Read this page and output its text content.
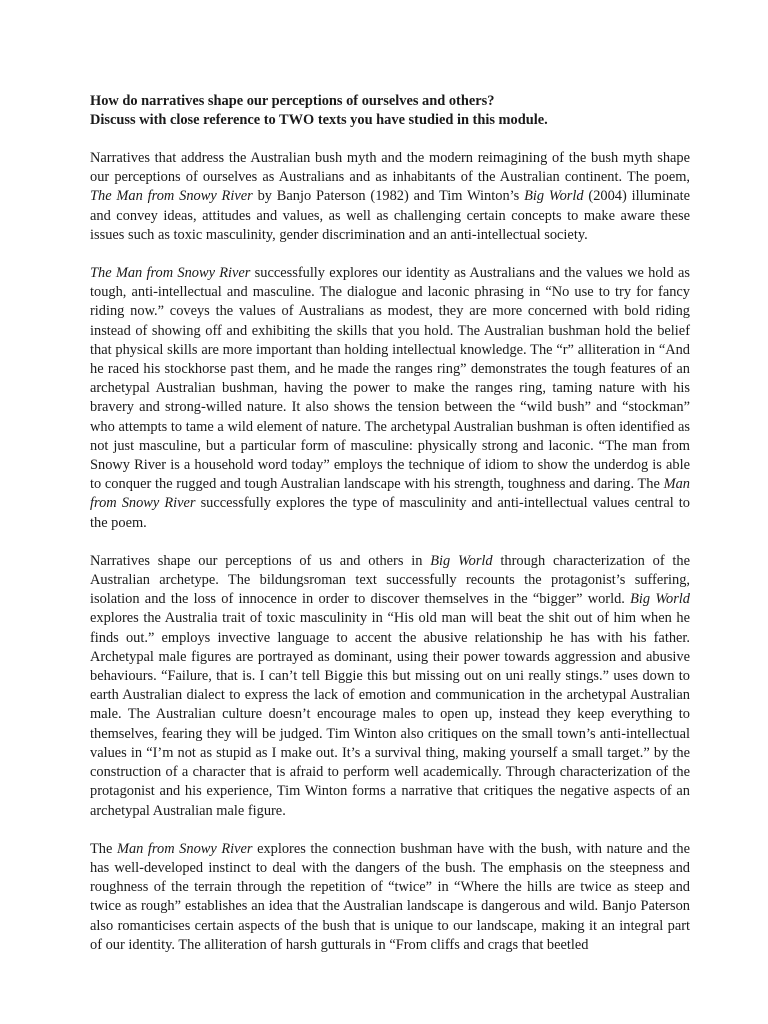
How do narratives shape our perceptions of ourselves and others?

Discuss with close reference to TWO texts you have studied in this module.

Narratives that address the Australian bush myth and the modern reimagining of the bush myth shape our perceptions of ourselves as Australians and as inhabitants of the Australian continent. The poem, The Man from Snowy River by Banjo Paterson (1982) and Tim Winton’s Big World (2004) illuminate and convey ideas, attitudes and values, as well as challenging certain concepts to make aware these issues such as toxic masculinity, gender discrimination and an anti-intellectual society.

The Man from Snowy River successfully explores our identity as Australians and the values we hold as tough, anti-intellectual and masculine. The dialogue and laconic phrasing in “No use to try for fancy riding now.” coveys the values of Australians as modest, they are more concerned with bold riding instead of showing off and exhibiting the skills that you hold. The Australian bushman hold the belief that physical skills are more important than holding intellectual knowledge. The “r” alliteration in “And he raced his stockhorse past them, and he made the ranges ring” demonstrates the tough features of an archetypal Australian bushman, having the power to make the ranges ring, taming nature with his bravery and strong-willed nature. It also shows the tension between the “wild bush” and “stockman” who attempts to tame a wild element of nature. The archetypal Australian bushman is often identified as not just masculine, but a particular form of masculine: physically strong and laconic. “The man from Snowy River is a household word today” employs the technique of idiom to show the underdog is able to conquer the rugged and tough Australian landscape with his strength, toughness and daring. The Man from Snowy River successfully explores the type of masculinity and anti-intellectual values central to the poem.

Narratives shape our perceptions of us and others in Big World through characterization of the Australian archetype. The bildungsroman text successfully recounts the protagonist’s suffering, isolation and the loss of innocence in order to discover themselves in the “bigger” world. Big World explores the Australia trait of toxic masculinity in “His old man will beat the shit out of him when he finds out.” employs invective language to accent the abusive relationship he has with his father. Archetypal male figures are portrayed as dominant, using their power towards aggression and abusive behaviours. “Failure, that is. I can’t tell Biggie this but missing out on uni really stings.” uses down to earth Australian dialect to express the lack of emotion and communication in the archetypal Australian male. The Australian culture doesn’t encourage males to open up, instead they keep everything to themselves, fearing they will be judged. Tim Winton also critiques on the small town’s anti-intellectual values in “I’m not as stupid as I make out. It’s a survival thing, making yourself a small target.” by the construction of a character that is afraid to perform well academically. Through characterization of the protagonist and his experience, Tim Winton forms a narrative that critiques the negative aspects of an archetypal Australian male figure.

The Man from Snowy River explores the connection bushman have with the bush, with nature and the has well-developed instinct to deal with the dangers of the bush. The emphasis on the steepness and roughness of the terrain through the repetition of “twice” in “Where the hills are twice as steep and twice as rough” establishes an idea that the Australian landscape is dangerous and wild. Banjo Paterson also romanticises certain aspects of the bush that is unique to our landscape, making it an integral part of our identity. The alliteration of harsh gutturals in “From cliffs and crags that beetled
